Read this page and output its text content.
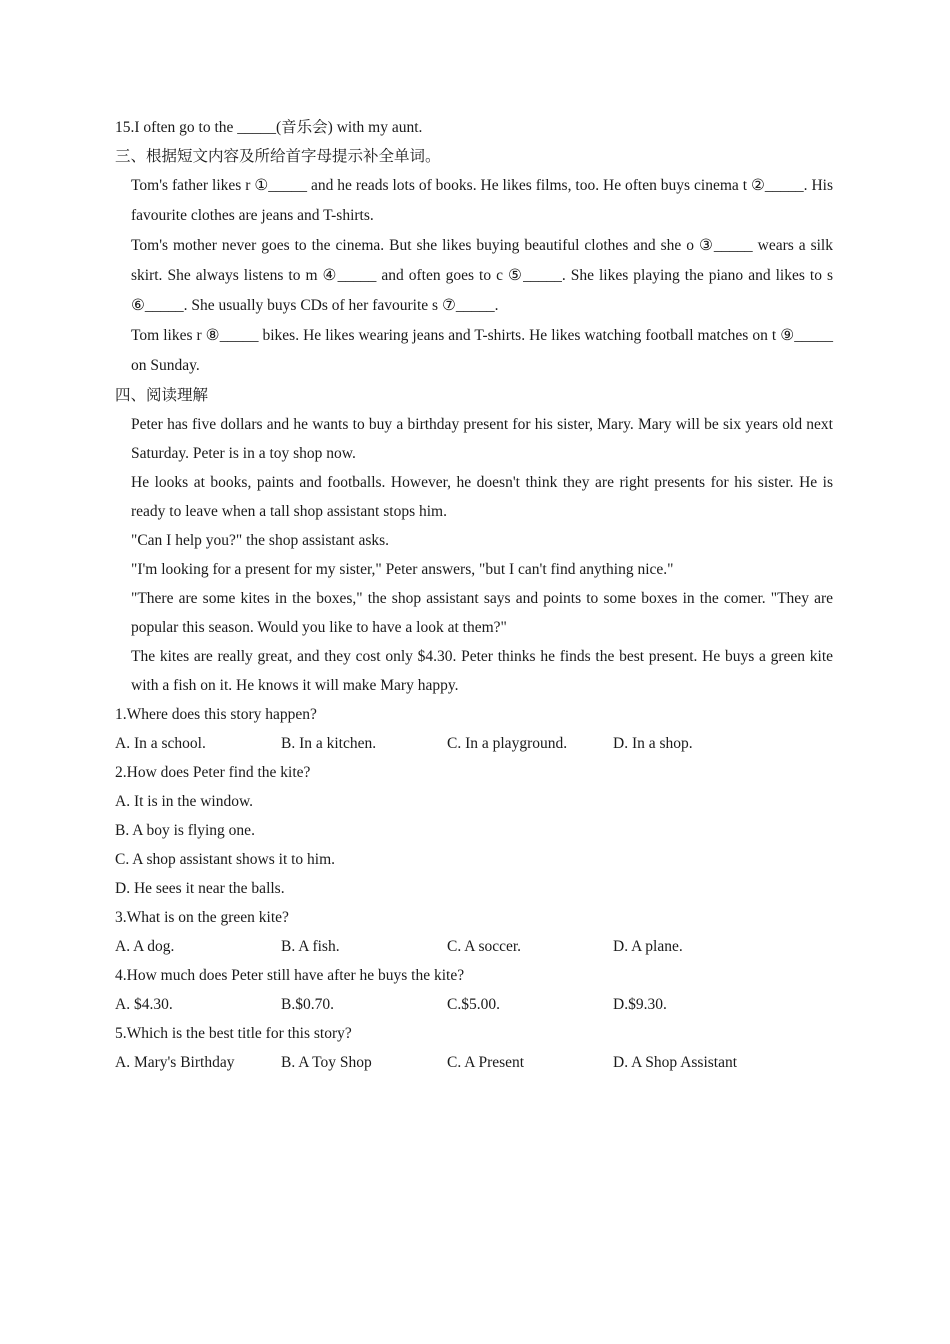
15.I often go to the _____(音乐会) with my aunt.
三、根据短文内容及所给首字母提示补全单词。
Tom's father likes r ①_____ and he reads lots of books. He likes films, too. He often buys cinema t ②_____. His favourite clothes are jeans and T-shirts.
Tom's mother never goes to the cinema. But she likes buying beautiful clothes and she o ③_____ wears a silk skirt. She always listens to m ④_____ and often goes to c ⑤_____. She likes playing the piano and likes to s ⑥_____. She usually buys CDs of her favourite s ⑦_____.
Tom likes r ⑧_____ bikes. He likes wearing jeans and T-shirts. He likes watching football matches on t ⑨_____ on Sunday.
四、阅读理解
Peter has five dollars and he wants to buy a birthday present for his sister, Mary. Mary will be six years old next Saturday. Peter is in a toy shop now.
He looks at books, paints and footballs. However, he doesn't think they are right presents for his sister. He is ready to leave when a tall shop assistant stops him.
"Can I help you?" the shop assistant asks.
"I'm looking for a present for my sister," Peter answers, "but I can't find anything nice."
"There are some kites in the boxes," the shop assistant says and points to some boxes in the comer. "They are popular this season. Would you like to have a look at them?"
The kites are really great, and they cost only $4.30. Peter thinks he finds the best present. He buys a green kite with a fish on it. He knows it will make Mary happy.
1.Where does this story happen?
A. In a school.	B. In a kitchen.	C. In a playground.	D. In a shop.
2.How does Peter find the kite?
A. It is in the window.
B. A boy is flying one.
C. A shop assistant shows it to him.
D. He sees it near the balls.
3.What is on the green kite?
A. A dog.	B. A fish.	C. A soccer.	D. A plane.
4.How much does Peter still have after he buys the kite?
A. $4.30.	B.$0.70.	C.$5.00.	D.$9.30.
5.Which is the best title for this story?
A. Mary's Birthday	B. A Toy Shop	C. A Present	D. A Shop Assistant
